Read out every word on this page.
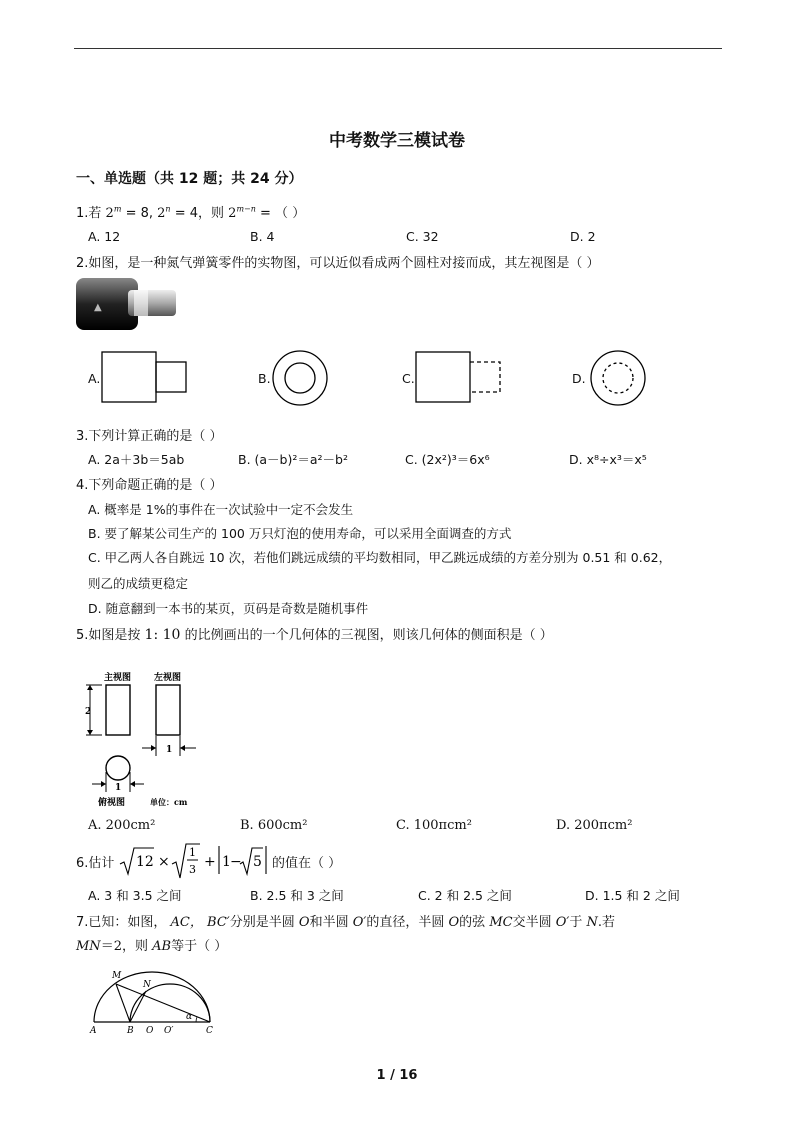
中考数学三模试卷
一、单选题（共 12 题；共 24 分）
1.若 $2^m = 8$, $2^n = 4$，则 $2^{m-n}$ = （ ）
A. 12	B. 4	C. 32	D. 2
2.如图，是一种氮气弹簧零件的实物图，可以近似看成两个圆柱对接而成，其左视图是（ ）
▲
A.	B.	C.	D.
3.下列计算正确的是（ ）
A. 2a＋3b＝5ab	B. (a－b)²＝a²－b²	C. (2x²)³＝6x⁶	D. x⁸÷x³＝x⁵
4.下列命题正确的是（ ）
A. 概率是 1%的事件在一次试验中一定不会发生
B. 要了解某公司生产的 100 万只灯泡的使用寿命，可以采用全面调查的方式
C. 甲乙两人各自跳远 10 次，若他们跳远成绩的平均数相同，甲乙跳远成绩的方差分别为 0.51 和 0.62，
则乙的成绩更稳定
D. 随意翻到一本书的某页，页码是奇数是随机事件
5.如图是按 1: 10 的比例画出的一个几何体的三视图，则该几何体的侧面积是（ ）
主视图	左视图
2
1
1
俯视图	单位：cm
A. 200cm²	B. 600cm²	C. 100πcm²	D. 200πcm²
6.估计 12 ×
1
3 + 1 − 5 的值在（ ）
A. 3 和 3.5 之间	B. 2.5 和 3 之间	C. 2 和 2.5 之间	D. 1.5 和 2 之间
7.已知：如图， AC， BC′分别是半圆 O和半圆 O′的直径，半圆 O的弦 MC交半圆 O′于 N.若
MN＝2，则 AB等于（ ）
M
N
A	B O O′
α
C
1 / 16
